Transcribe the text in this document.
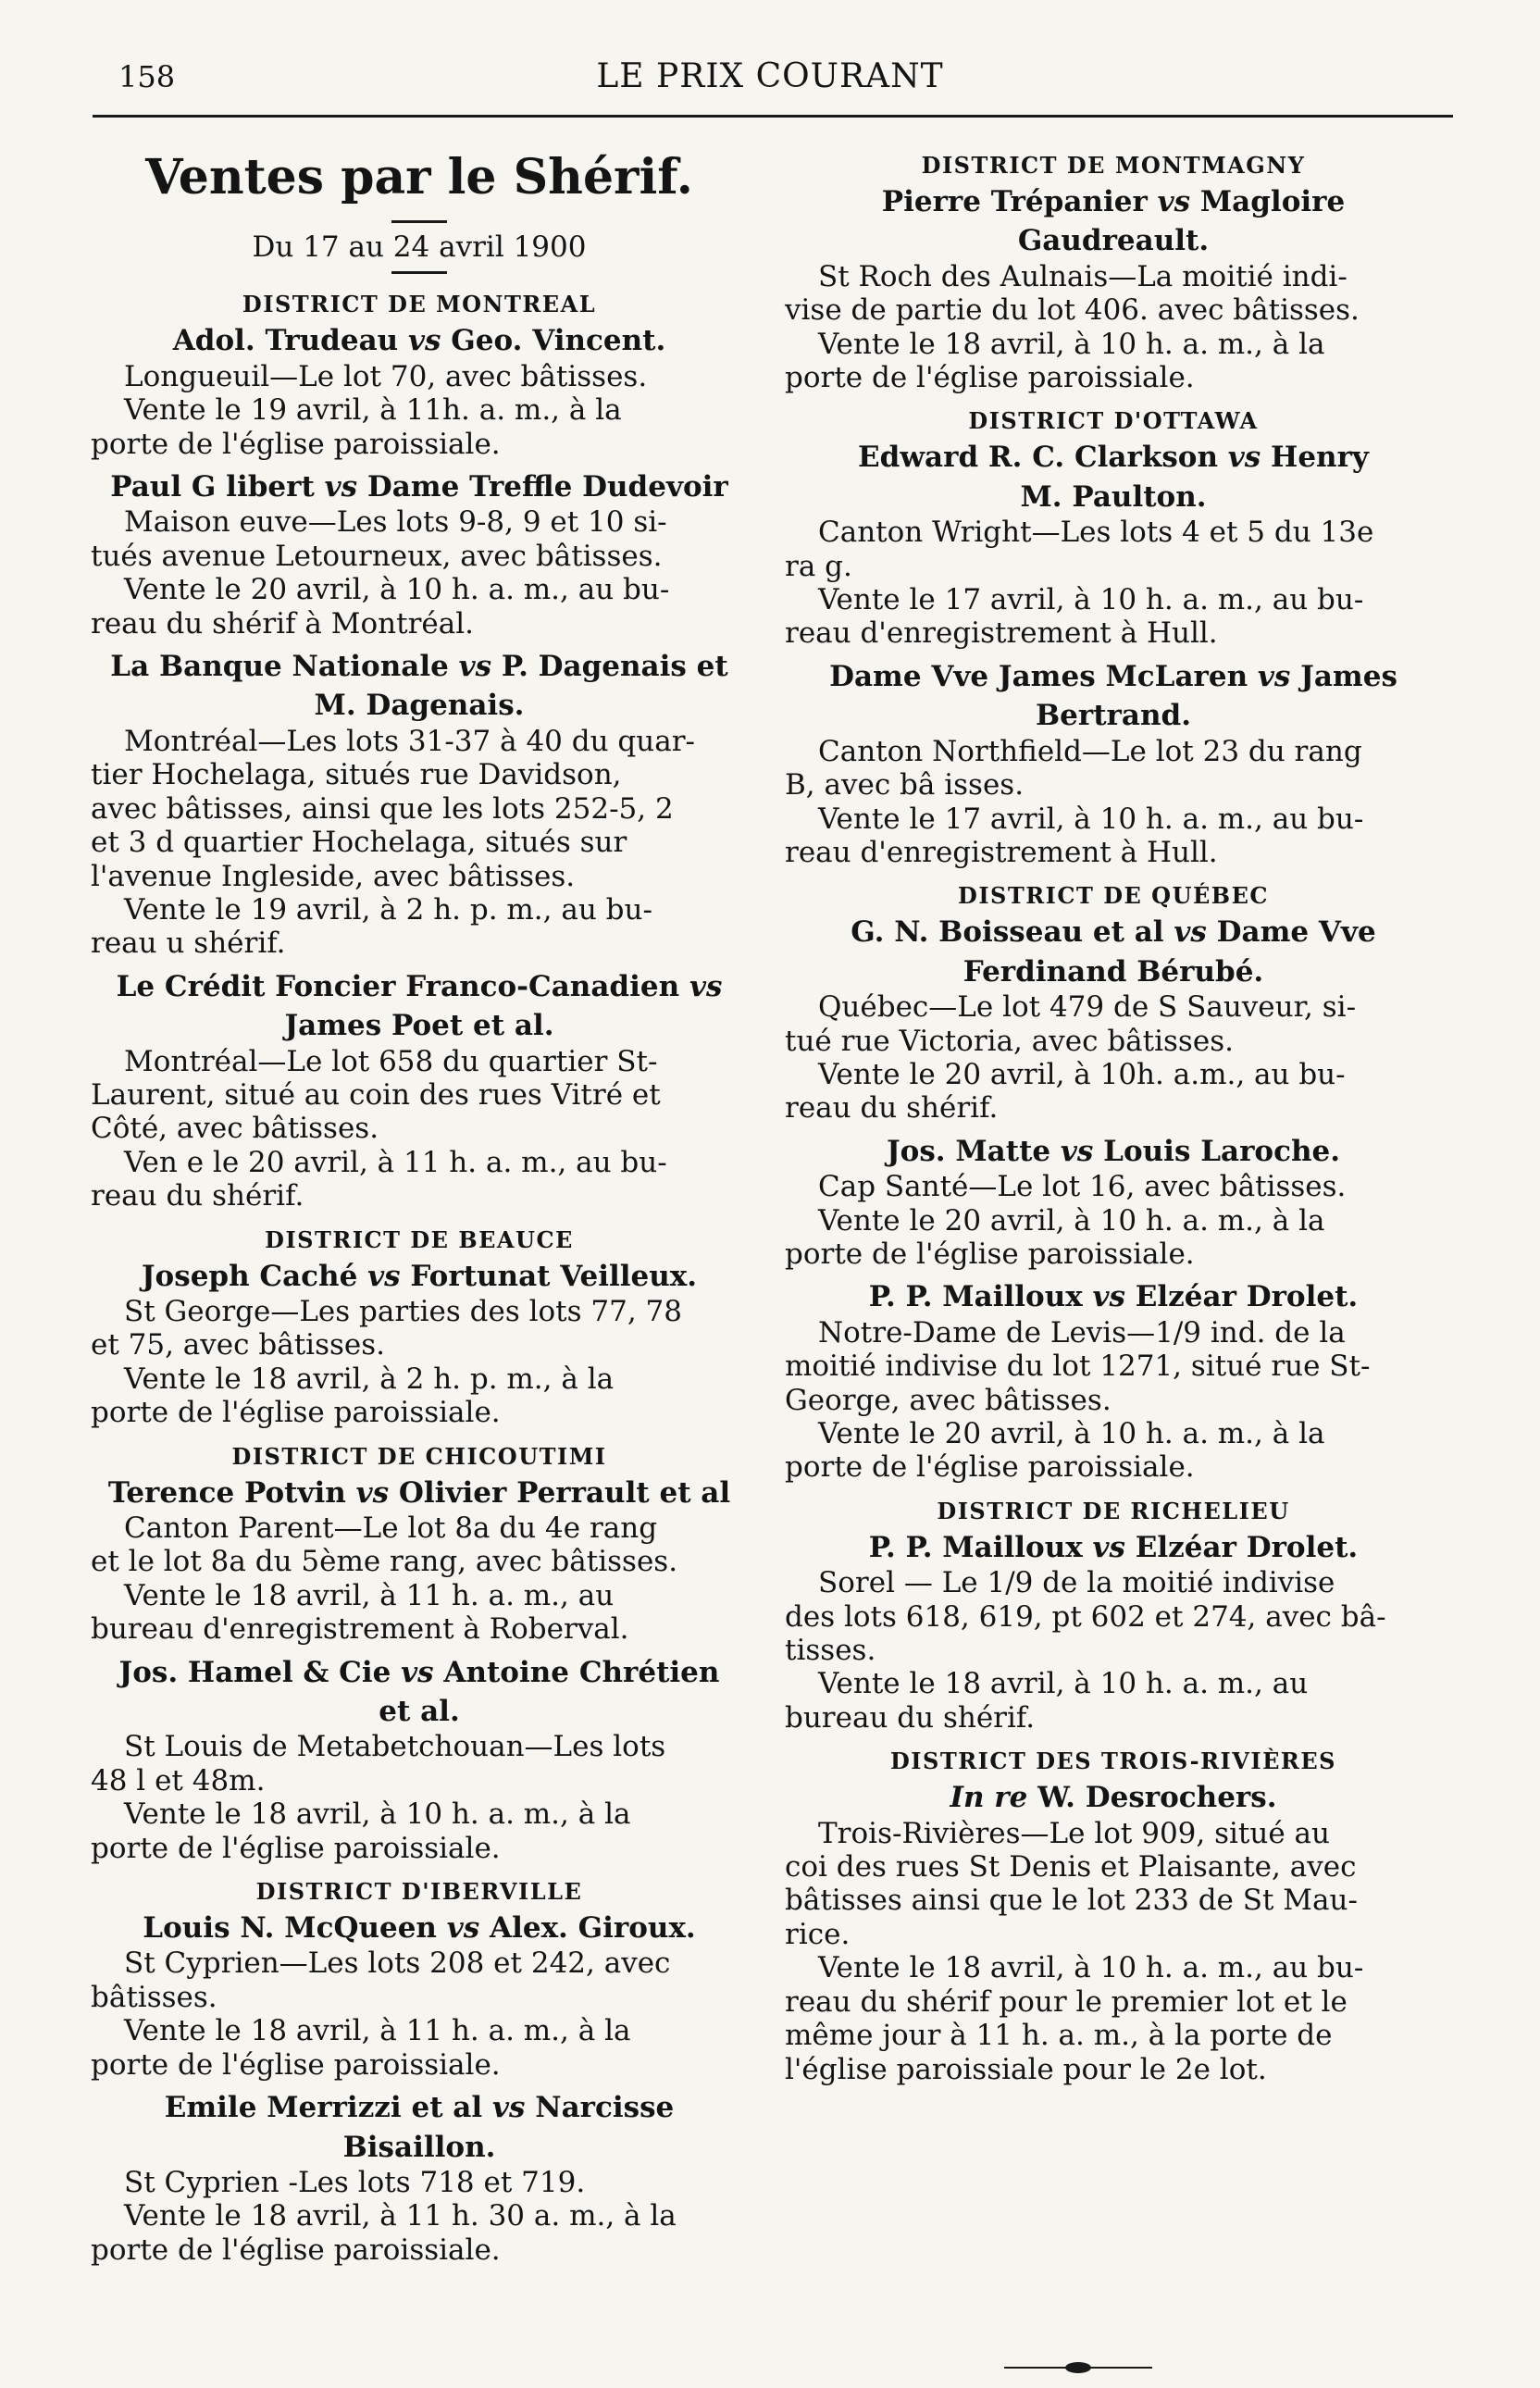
158	LE PRIX COURANT
Ventes par le Shérif.
Du 17 au 24 avril 1900
DISTRICT DE MONTREAL
Adol. Trudeau vs Geo. Vincent.
Longueuil—Le lot 70, avec bâtisses.
Vente le 19 avril, à 11h. a. m., à la
porte de l'église paroissiale.
Paul G libert vs Dame Treffle Dudevoir
Maison euve—Les lots 9-8, 9 et 10 si-
tués avenue Letourneux, avec bâtisses.
Vente le 20 avril, à 10 h. a. m., au bu-
reau du shérif à Montréal.
La Banque Nationale vs P. Dagenais et
M. Dagenais.
Montréal—Les lots 31-37 à 40 du quar-
tier Hochelaga, situés rue Davidson,
avec bâtisses, ainsi que les lots 252-5, 2
et 3 d quartier Hochelaga, situés sur
l'avenue Ingleside, avec bâtisses.
Vente le 19 avril, à 2 h. p. m., au bu-
reau u shérif.
Le Crédit Foncier Franco-Canadien vs
James Poet et al.
Montréal—Le lot 658 du quartier St-
Laurent, situé au coin des rues Vitré et
Côté, avec bâtisses.
Ven e le 20 avril, à 11 h. a. m., au bu-
reau du shérif.
DISTRICT DE BEAUCE
Joseph Caché vs Fortunat Veilleux.
St George—Les parties des lots 77, 78
et 75, avec bâtisses.
Vente le 18 avril, à 2 h. p. m., à la
porte de l'église paroissiale.
DISTRICT DE CHICOUTIMI
Terence Potvin vs Olivier Perrault et al
Canton Parent—Le lot 8a du 4e rang
et le lot 8a du 5ème rang, avec bâtisses.
Vente le 18 avril, à 11 h. a. m., au
bureau d'enregistrement à Roberval.
Jos. Hamel & Cie vs Antoine Chrétien
et al.
St Louis de Metabetchouan—Les lots
48 l et 48m.
Vente le 18 avril, à 10 h. a. m., à la
porte de l'église paroissiale.
DISTRICT D'IBERVILLE
Louis N. McQueen vs Alex. Giroux.
St Cyprien—Les lots 208 et 242, avec
bâtisses.
Vente le 18 avril, à 11 h. a. m., à la
porte de l'église paroissiale.
Emile Merrizzi et al vs Narcisse
Bisaillon.
St Cyprien -Les lots 718 et 719.
Vente le 18 avril, à 11 h. 30 a. m., à la
porte de l'église paroissiale.
DISTRICT DE MONTMAGNY
Pierre Trépanier vs Magloire
Gaudreault.
St Roch des Aulnais—La moitié indi-
vise de partie du lot 406. avec bâtisses.
Vente le 18 avril, à 10 h. a. m., à la
porte de l'église paroissiale.
DISTRICT D'OTTAWA
Edward R. C. Clarkson vs Henry
M. Paulton.
Canton Wright—Les lots 4 et 5 du 13e
ra g.
Vente le 17 avril, à 10 h. a. m., au bu-
reau d'enregistrement à Hull.
Dame Vve James McLaren vs James
Bertrand.
Canton Northfield—Le lot 23 du rang
B, avec bâ isses.
Vente le 17 avril, à 10 h. a. m., au bu-
reau d'enregistrement à Hull.
DISTRICT DE QUÉBEC
G. N. Boisseau et al vs Dame Vve
Ferdinand Bérubé.
Québec—Le lot 479 de S Sauveur, si-
tué rue Victoria, avec bâtisses.
Vente le 20 avril, à 10h. a.m., au bu-
reau du shérif.
Jos. Matte vs Louis Laroche.
Cap Santé—Le lot 16, avec bâtisses.
Vente le 20 avril, à 10 h. a. m., à la
porte de l'église paroissiale.
P. P. Mailloux vs Elzéar Drolet.
Notre-Dame de Levis—1/9 ind. de la
moitié indivise du lot 1271, situé rue St-
George, avec bâtisses.
Vente le 20 avril, à 10 h. a. m., à la
porte de l'église paroissiale.
DISTRICT DE RICHELIEU
P. P. Mailloux vs Elzéar Drolet.
Sorel — Le 1/9 de la moitié indivise
des lots 618, 619, pt 602 et 274, avec bâ-
tisses.
Vente le 18 avril, à 10 h. a. m., au
bureau du shérif.
DISTRICT DES TROIS-RIVIÈRES
In re W. Desrochers.
Trois-Rivières—Le lot 909, situé au
coi des rues St Denis et Plaisante, avec
bâtisses ainsi que le lot 233 de St Mau-
rice.
Vente le 18 avril, à 10 h. a. m., au bu-
reau du shérif pour le premier lot et le
même jour à 11 h. a. m., à la porte de
l'église paroissiale pour le 2e lot.
